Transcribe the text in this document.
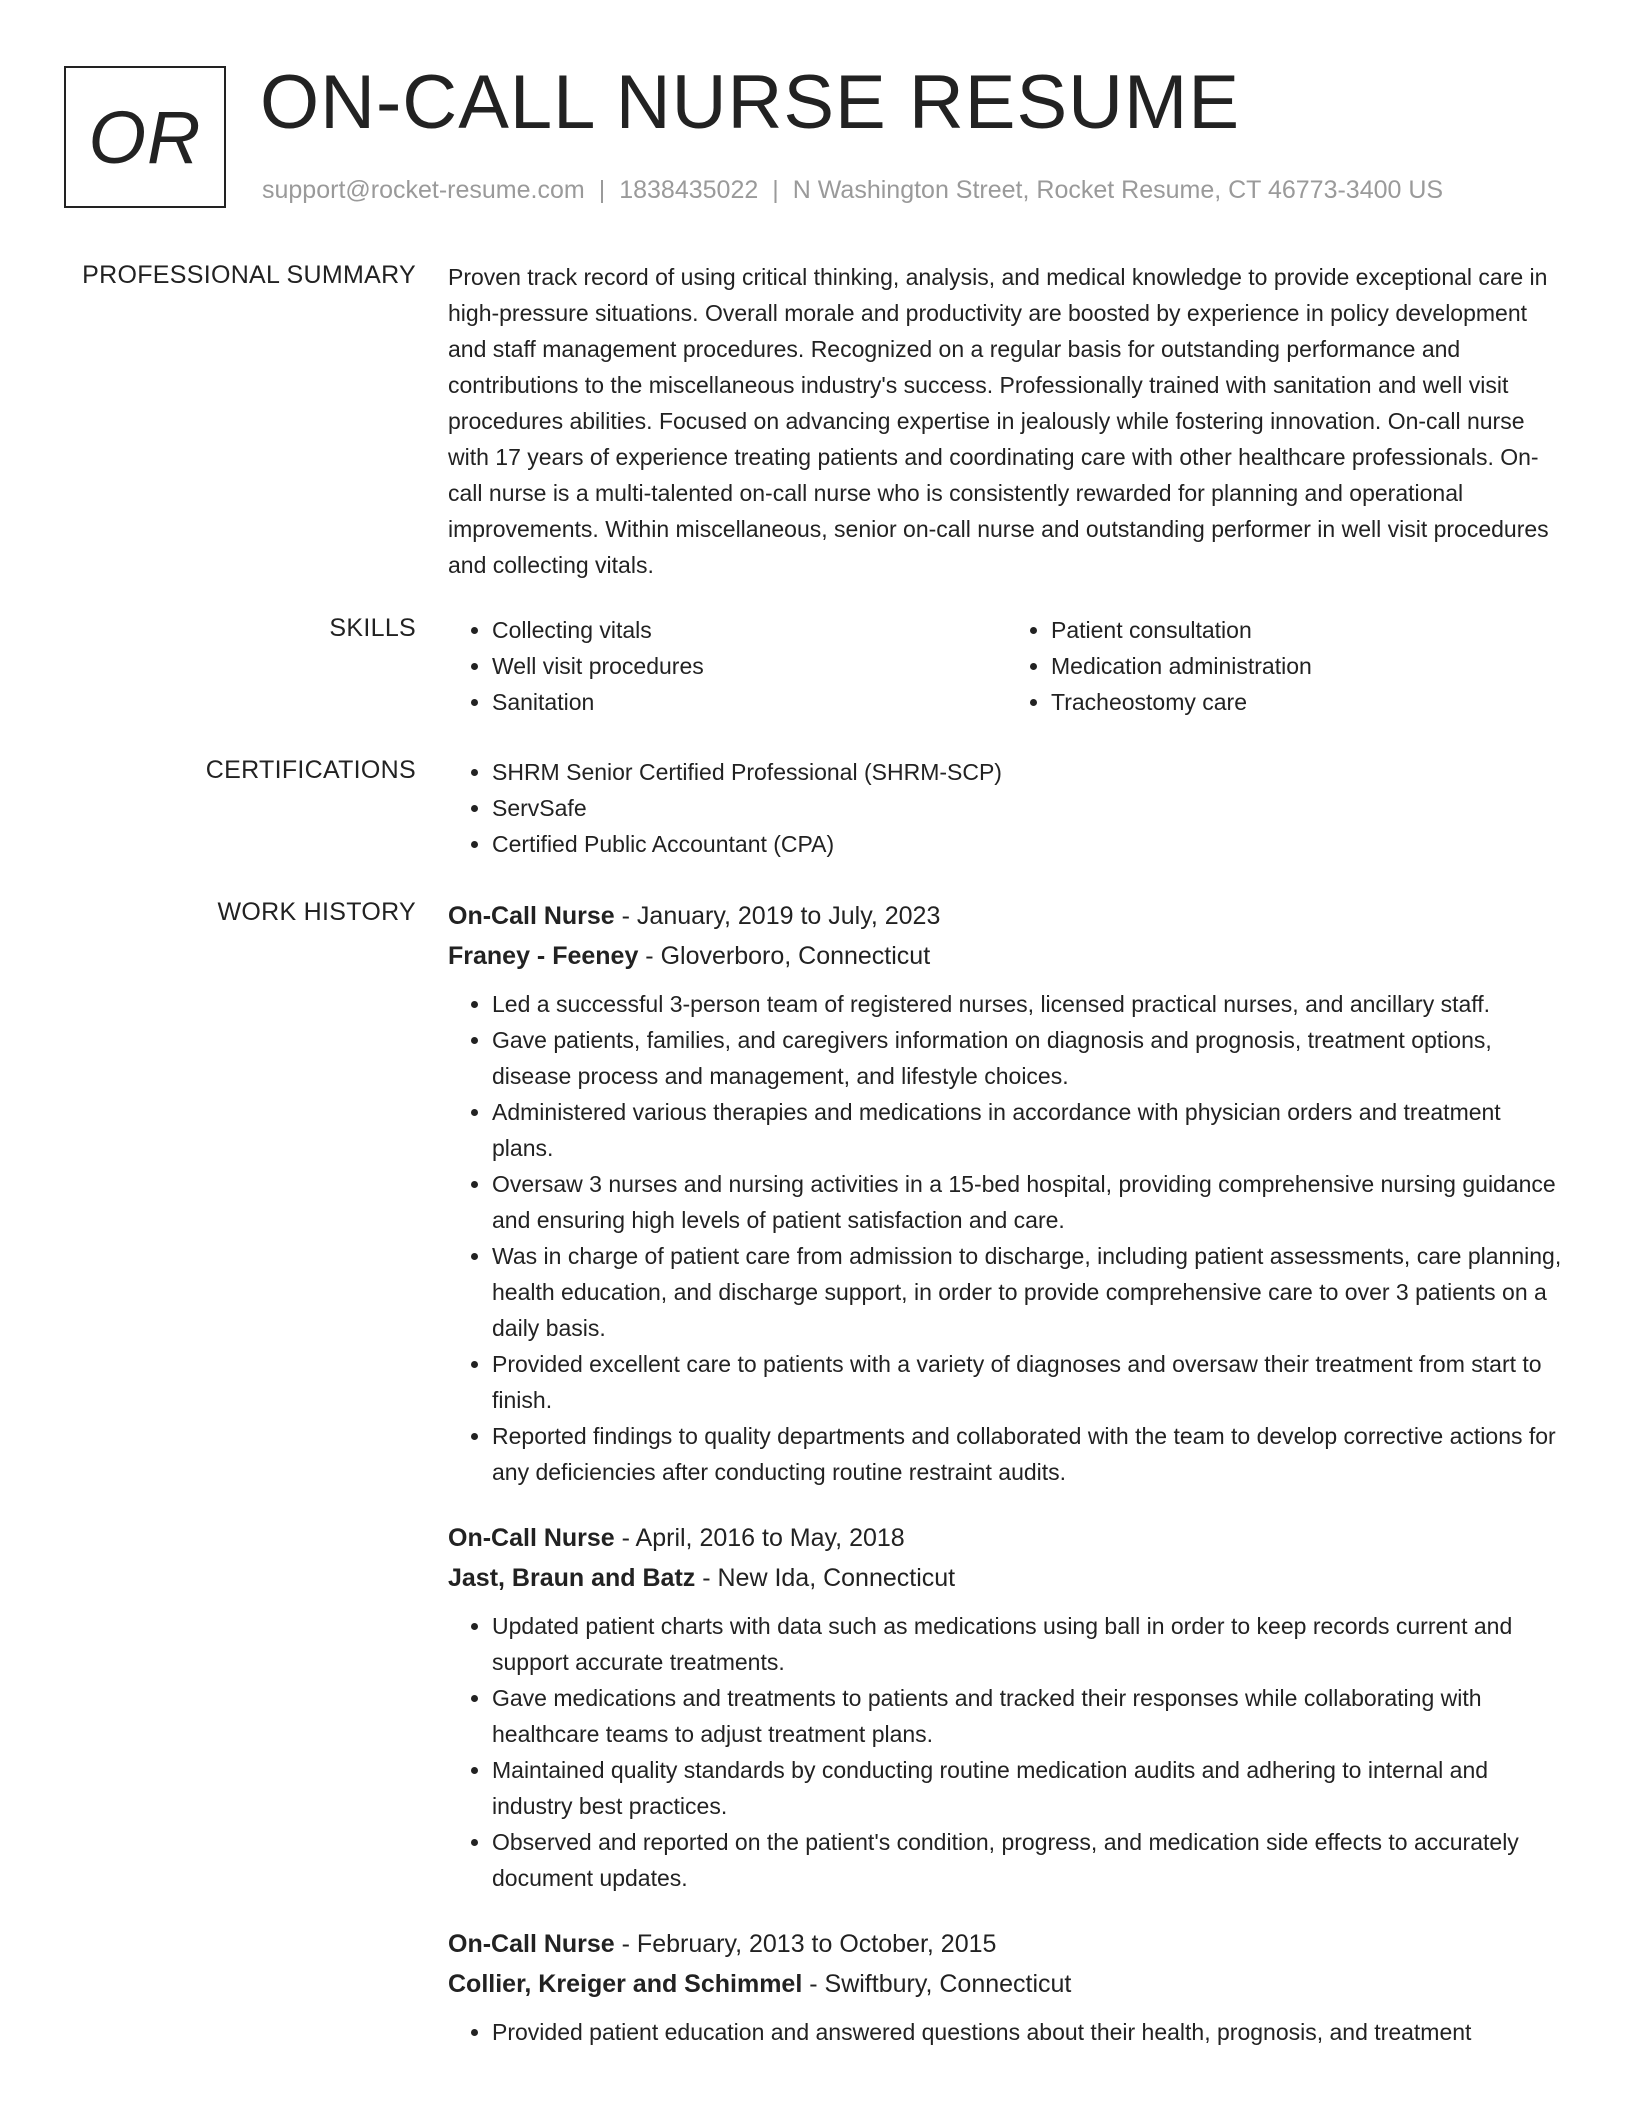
OR ON-CALL NURSE RESUME
support@rocket-resume.com | 1838435022 | N Washington Street, Rocket Resume, CT 46773-3400 US
PROFESSIONAL SUMMARY Proven track record of using critical thinking, analysis, and medical knowledge to provide exceptional care in high-pressure situations. Overall morale and productivity are boosted by experience in policy development and staff management procedures. Recognized on a regular basis for outstanding performance and contributions to the miscellaneous industry's success. Professionally trained with sanitation and well visit procedures abilities. Focused on advancing expertise in jealously while fostering innovation. On-call nurse with 17 years of experience treating patients and coordinating care with other healthcare professionals. On-call nurse is a multi-talented on-call nurse who is consistently rewarded for planning and operational improvements. Within miscellaneous, senior on-call nurse and outstanding performer in well visit procedures and collecting vitals.

SKILLS	• Collecting vitals
• Well visit procedures
• Sanitation
• Patient consultation
• Medication administration
• Tracheostomy care
CERTIFICATIONS	• SHRM Senior Certified Professional (SHRM-SCP)
• ServSafe
• Certified Public Accountant (CPA)
WORK HISTORY On-Call Nurse - January, 2019 to July, 2023
Franey - Feeney - Gloverboro, Connecticut
• Led a successful 3-person team of registered nurses, licensed practical nurses, and ancillary staff.
• Gave patients, families, and caregivers information on diagnosis and prognosis, treatment options, disease process and management, and lifestyle choices.
• Administered various therapies and medications in accordance with physician orders and treatment plans.
• Oversaw 3 nurses and nursing activities in a 15-bed hospital, providing comprehensive nursing guidance and ensuring high levels of patient satisfaction and care.
• Was in charge of patient care from admission to discharge, including patient assessments, care planning, health education, and discharge support, in order to provide comprehensive care to over 3 patients on a daily basis.
• Provided excellent care to patients with a variety of diagnoses and oversaw their treatment from start to finish.
• Reported findings to quality departments and collaborated with the team to develop corrective actions for any deficiencies after conducting routine restraint audits.
On-Call Nurse - April, 2016 to May, 2018
Jast, Braun and Batz - New Ida, Connecticut
• Updated patient charts with data such as medications using ball in order to keep records current and support accurate treatments.
• Gave medications and treatments to patients and tracked their responses while collaborating with healthcare teams to adjust treatment plans.
• Maintained quality standards by conducting routine medication audits and adhering to internal and industry best practices.
• Observed and reported on the patient's condition, progress, and medication side effects to accurately document updates.
On-Call Nurse - February, 2013 to October, 2015
Collier, Kreiger and Schimmel - Swiftbury, Connecticut
• Provided patient education and answered questions about their health, prognosis, and treatment
